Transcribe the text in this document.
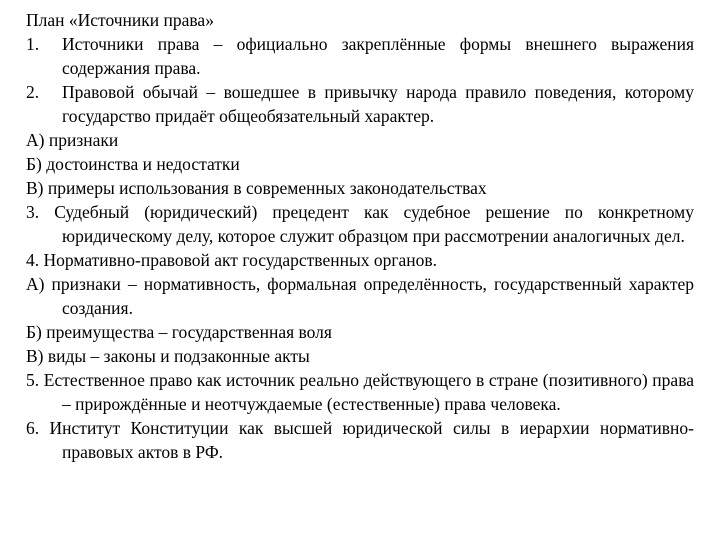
План «Источники права»
1. Источники права – официально закреплённые формы внешнего выражения содержания права.
2. Правовой обычай – вошедшее в привычку народа правило поведения, которому государство придаёт общеобязательный характер.
А) признаки
Б) достоинства и недостатки
В) примеры использования в современных законодательствах
3. Судебный (юридический) прецедент как судебное решение по конкретному юридическому делу, которое служит образцом при рассмотрении аналогичных дел.
4. Нормативно-правовой акт государственных органов.
А) признаки – нормативность, формальная определённость, государственный характер создания.
Б) преимущества – государственная воля
В) виды – законы и подзаконные акты
5. Естественное право как источник реально действующего в стране (позитивного) права – прирождённые и неотчуждаемые (естественные) права человека.
6. Институт Конституции как высшей юридической силы в иерархии нормативно-правовых актов в РФ.
